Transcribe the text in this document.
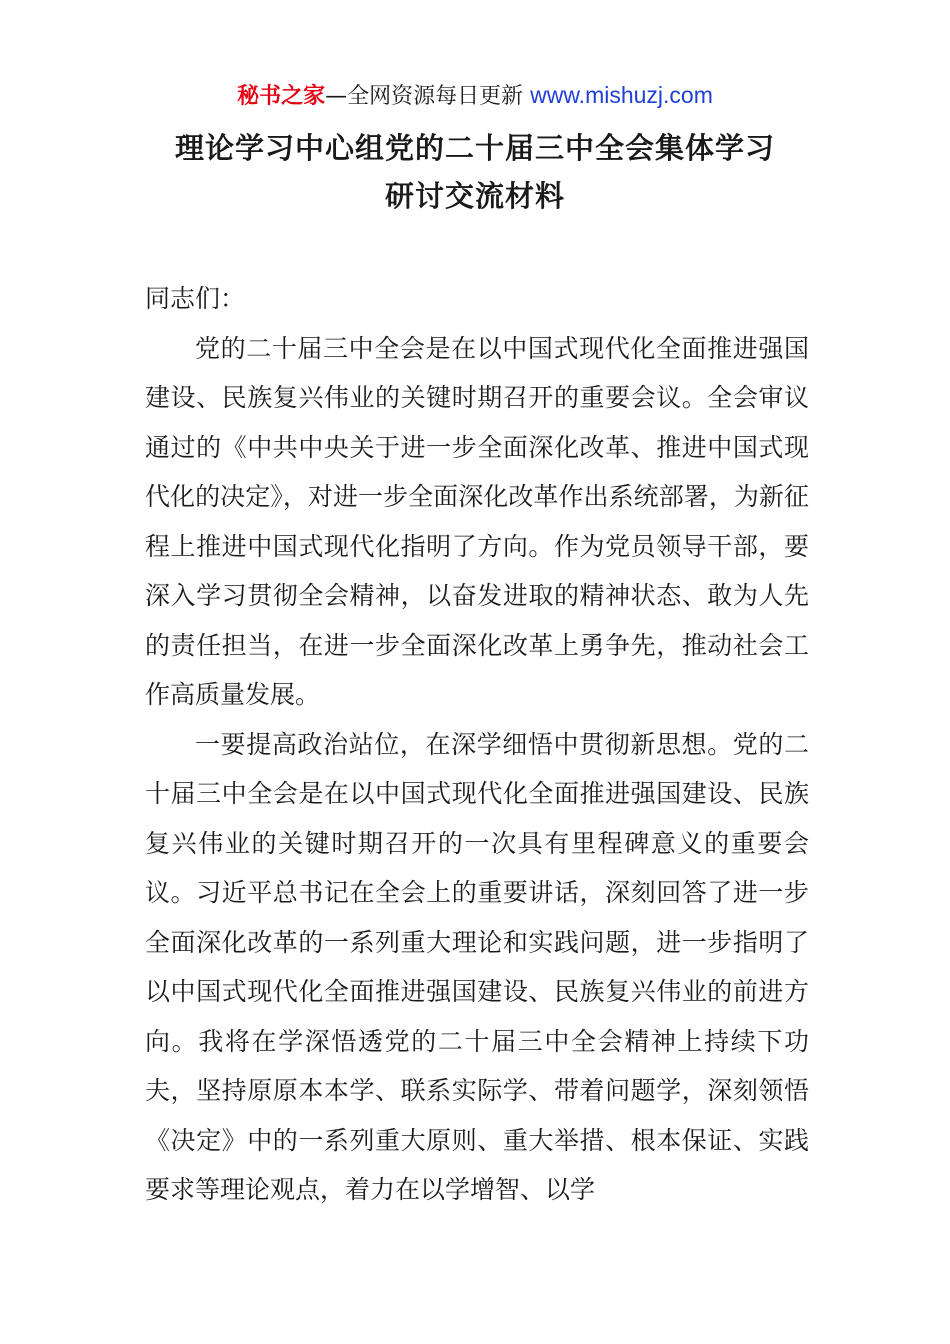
秘书之家—全网资源每日更新 www.mishuzj.com
理论学习中心组党的二十届三中全会集体学习
研讨交流材料

同志们：

党的二十届三中全会是在以中国式现代化全面推进强国建设、民族复兴伟业的关键时期召开的重要会议。全会审议通过的《中共中央关于进一步全面深化改革、推进中国式现代化的决定》，对进一步全面深化改革作出系统部署，为新征程上推进中国式现代化指明了方向。作为党员领导干部，要深入学习贯彻全会精神，以奋发进取的精神状态、敢为人先的责任担当，在进一步全面深化改革上勇争先，推动社会工作高质量发展。

一要提高政治站位，在深学细悟中贯彻新思想。党的二十届三中全会是在以中国式现代化全面推进强国建设、民族复兴伟业的关键时期召开的一次具有里程碑意义的重要会议。习近平总书记在全会上的重要讲话，深刻回答了进一步全面深化改革的一系列重大理论和实践问题，进一步指明了以中国式现代化全面推进强国建设、民族复兴伟业的前进方向。我将在学深悟透党的二十届三中全会精神上持续下功夫，坚持原原本本学、联系实际学、带着问题学，深刻领悟《决定》中的一系列重大原则、重大举措、根本保证、实践要求等理论观点，着力在以学增智、以学
